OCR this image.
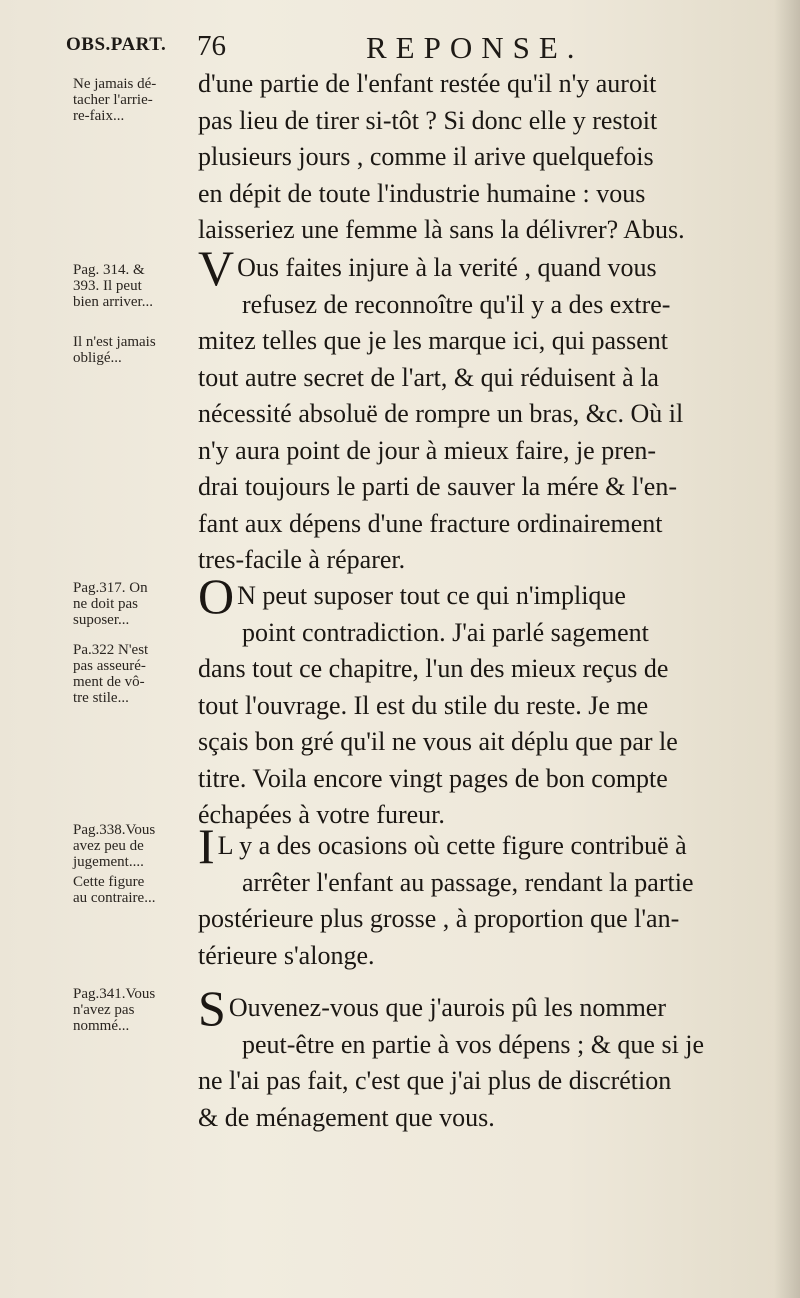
OBS.PART. 76	REPONSE.
Ne jamais dé-
tacher l'arrie-
re-faix...
Pag. 314. &
393. Il peut
bien arriver...
Il n'est jamais
obligé...
Pag.317. On
ne doit pas
suposer...
Pa.322 N'est
pas asseuré-
ment de vô-
tre stile...
Pag.338.Vous
avez peu de
jugement....
Cette figure
au contraire...
Pag.341.Vous
n'avez pas
nommé...
d'une partie de l'enfant restée qu'il n'y auroit
pas lieu de tirer si-tôt ? Si donc elle y restoit
plusieurs jours , comme il arive quelquefois
en dépit de toute l'industrie humaine : vous
laisseriez une femme là sans la délivrer? Abus.
V Ous faites injure à la verité , quand vous
refusez de reconnoître qu'il y a des extre-
mitez telles que je les marque ici, qui passent
tout autre secret de l'art, & qui réduisent à la
nécessité absoluë de rompre un bras, &c. Où il
n'y aura point de jour à mieux faire, je pren-
drai toujours le parti de sauver la mére & l'en-
fant aux dépens d'une fracture ordinairement
tres-facile à réparer.
O N peut suposer tout ce qui n'implique
point contradiction. J'ai parlé sagement
dans tout ce chapitre, l'un des mieux reçus de
tout l'ouvrage. Il est du stile du reste. Je me
sçais bon gré qu'il ne vous ait déplu que par le
titre. Voila encore vingt pages de bon compte
échapées à votre fureur.
I L y a des ocasions où cette figure contribuë à
arrêter l'enfant au passage, rendant la partie
postérieure plus grosse , à proportion que l'an-
térieure s'alonge.
S Ouvenez-vous que j'aurois pû les nommer
peut-être en partie à vos dépens ; & que si je
ne l'ai pas fait, c'est que j'ai plus de discrétion
& de ménagement que vous.
